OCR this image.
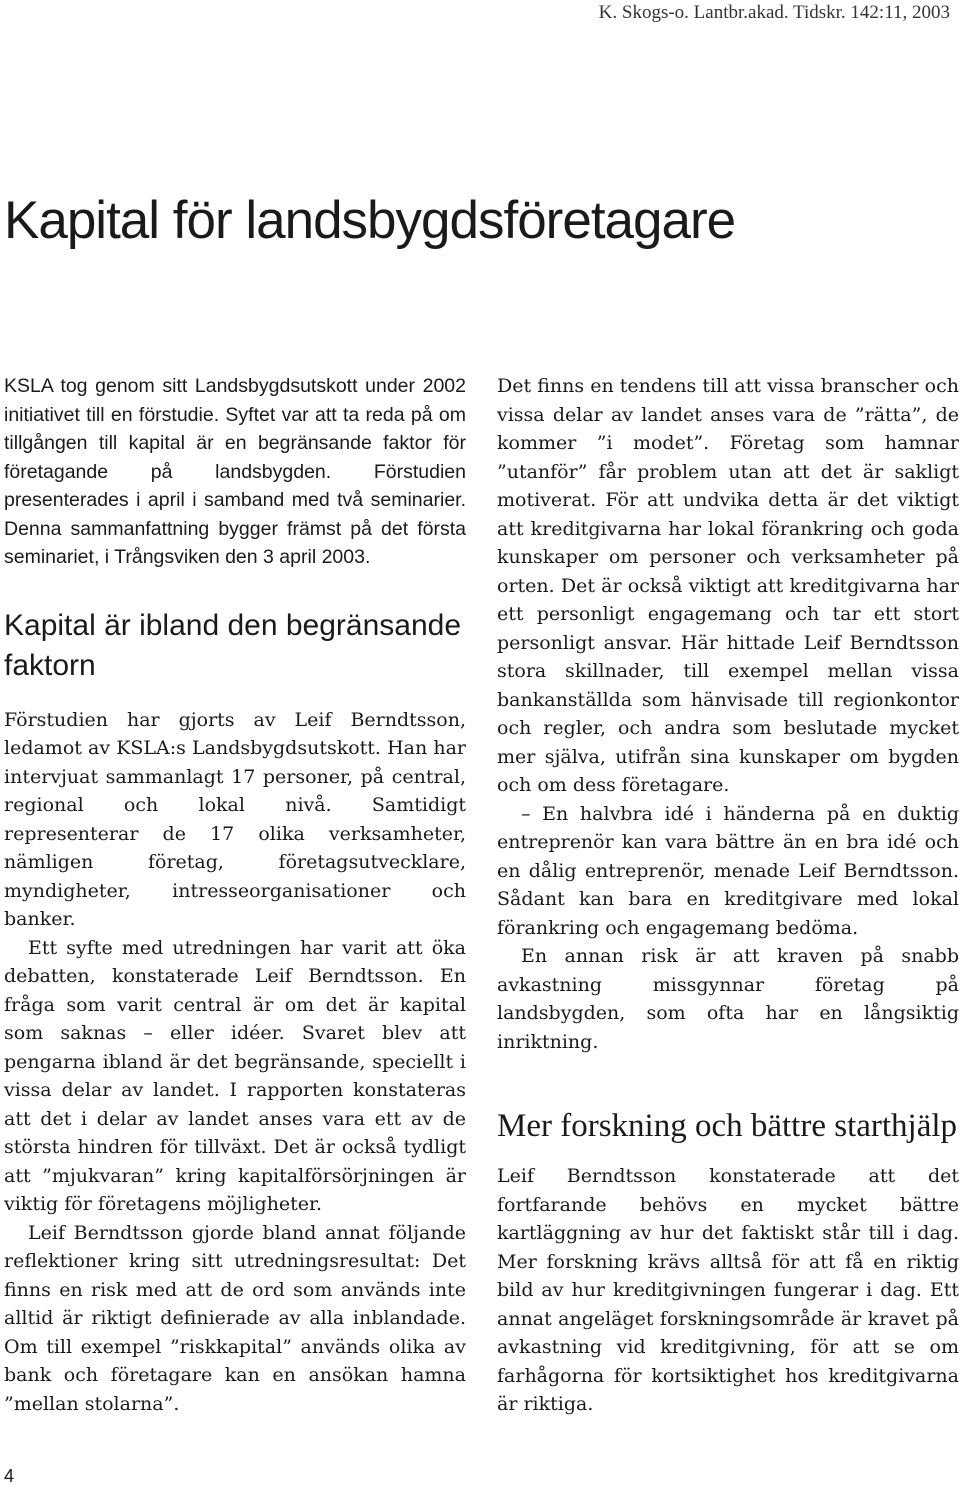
K. Skogs-o. Lantbr.akad. Tidskr. 142:11, 2003
Kapital för landsbygdsföretagare

KSLA tog genom sitt Landsbygdsutskott under 2002 initiativet till en förstudie. Syftet var att ta reda på om tillgången till kapital är en begränsande faktor för företagande på landsbygden. Förstudien presenterades i april i samband med två seminarier. Denna sammanfattning bygger främst på det första seminariet, i Trångsviken den 3 april 2003.

Kapital är ibland den begränsande faktorn

Förstudien har gjorts av Leif Berndtsson, ledamot av KSLA:s Landsbygdsutskott. Han har intervjuat sammanlagt 17 personer, på central, regional och lokal nivå. Samtidigt representerar de 17 olika verksamheter, nämligen företag, företagsutvecklare, myndigheter, intresseorganisationer och banker.

Ett syfte med utredningen har varit att öka debatten, konstaterade Leif Berndtsson. En fråga som varit central är om det är kapital som saknas – eller idéer. Svaret blev att pengarna ibland är det begränsande, speciellt i vissa delar av landet. I rapporten konstateras att det i delar av landet anses vara ett av de största hindren för tillväxt. Det är också tydligt att ”mjukvaran” kring kapitalförsörjningen är viktig för företagens möjligheter.

Leif Berndtsson gjorde bland annat följande reflektioner kring sitt utredningsresultat: Det finns en risk med att de ord som används inte alltid är riktigt definierade av alla inblandade. Om till exempel ”riskkapital” används olika av bank och företagare kan en ansökan hamna ”mellan stolarna”.

Det finns en tendens till att vissa branscher och vissa delar av landet anses vara de ”rätta”, de kommer ”i modet”. Företag som hamnar ”utanför” får problem utan att det är sakligt motiverat. För att undvika detta är det viktigt att kreditgivarna har lokal förankring och goda kunskaper om personer och verksamheter på orten. Det är också viktigt att kreditgivarna har ett personligt engagemang och tar ett stort personligt ansvar. Här hittade Leif Berndtsson stora skillnader, till exempel mellan vissa bankanställda som hänvisade till regionkontor och regler, och andra som beslutade mycket mer själva, utifrån sina kunskaper om bygden och om dess företagare.

– En halvbra idé i händerna på en duktig entreprenör kan vara bättre än en bra idé och en dålig entreprenör, menade Leif Berndtsson. Sådant kan bara en kreditgivare med lokal förankring och engagemang bedöma.

En annan risk är att kraven på snabb avkastning missgynnar företag på landsbygden, som ofta har en långsiktig inriktning.

Mer forskning och bättre starthjälp

Leif Berndtsson konstaterade att det fortfarande behövs en mycket bättre kartläggning av hur det faktiskt står till i dag. Mer forskning krävs alltså för att få en riktig bild av hur kreditgivningen fungerar i dag. Ett annat angeläget forskningsområde är kravet på avkastning vid kreditgivning, för att se om farhågorna för kortsiktighet hos kreditgivarna är riktiga.

4
